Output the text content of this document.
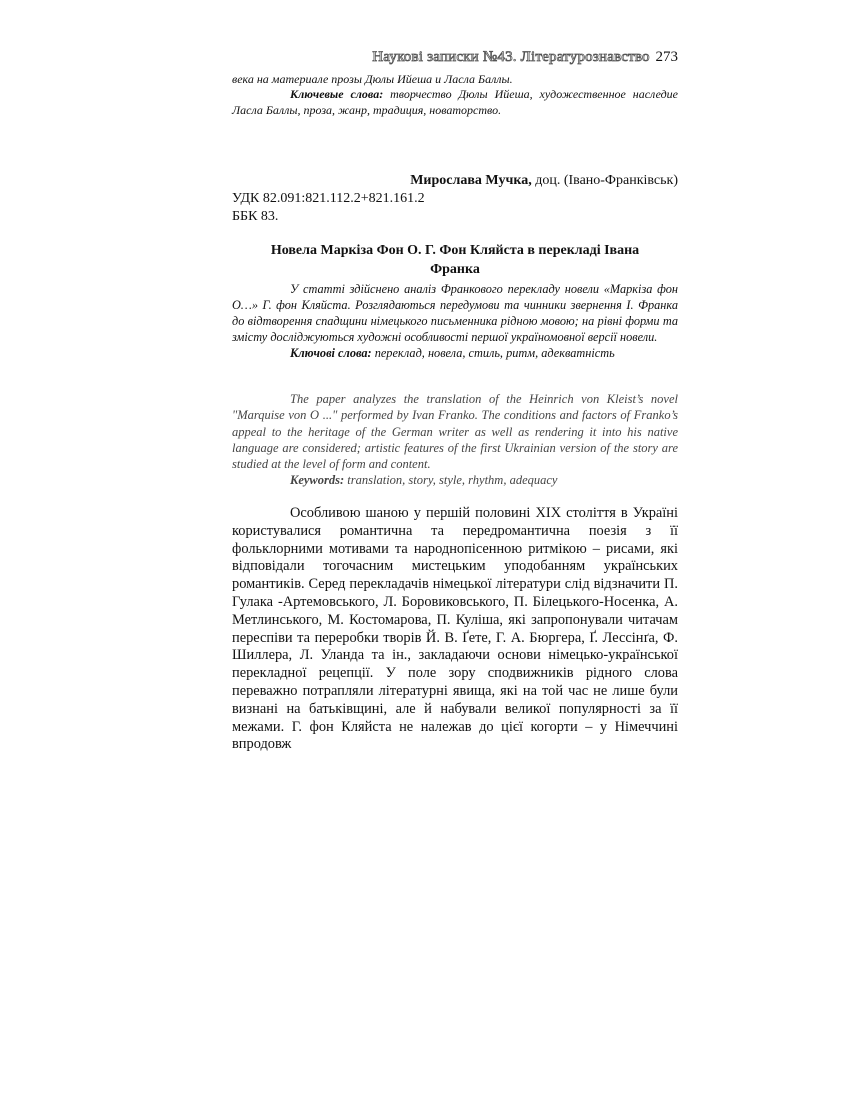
Наукові записки №43. Літературознавство 273

века на материале прозы Дюлы Ийеша и Ласла Баллы.

Ключевые слова: творчество Дюлы Ийеша, художественное наследие Ласла Баллы, проза, жанр, традиция, новаторство.

Мирослава Мучка, доц. (Івано-Франківськ)
УДК 82.091:821.112.2+821.161.2
ББК 83.
Новела Маркіза Фон О. Г. Фон Кляйста в перекладі Івана
Франка

У статті здійснено аналіз Франкового перекладу новели «Маркіза фон О…» Г. фон Кляйста. Розглядаються передумови та чинники звернення І. Франка до відтворення спадщини німецького письменника рідною мовою; на рівні форми та змісту досліджуються художні особливості першої україномовної версії новели.

Ключові слова: переклад, новела, стиль, ритм, адекватність

The paper analyzes the translation of the Heinrich von Kleist’s novel "Marquise von O ..." performed by Ivan Franko. The conditions and factors of Franko’s appeal to the heritage of the German writer as well as rendering it into his native language are considered; artistic features of the first Ukrainian version of the story are studied at the level of form and content.

Keywords: translation, story, style, rhythm, adequacy

Особливою шаною у першій половині ХІХ століття в Україні користувалися романтична та передромантична поезія з її фольклорними мотивами та народнопісенною ритмікою – рисами, які відповідали тогочасним мистецьким уподобанням українських романтиків. Серед перекладачів німецької літератури слід відзначити П. Гулака -Артемовського, Л. Боровиковського, П. Білецького-Носенка, А. Метлинського, М. Костомарова, П. Куліша, які запропонували читачам переспіви та переробки творів Й. В. Ґете, Г. А. Бюргера, Ґ. Лессінґа, Ф. Шиллера, Л. Уланда та ін., закладаючи основи німецько-української перекладної рецепції. У поле зору сподвижників рідного слова переважно потрапляли літературні явища, які на той час не лише були визнані на батьківщині, але й набували великої популярності за її межами. Г. фон Кляйста не належав до цієї когорти – у Німеччині впродовж
